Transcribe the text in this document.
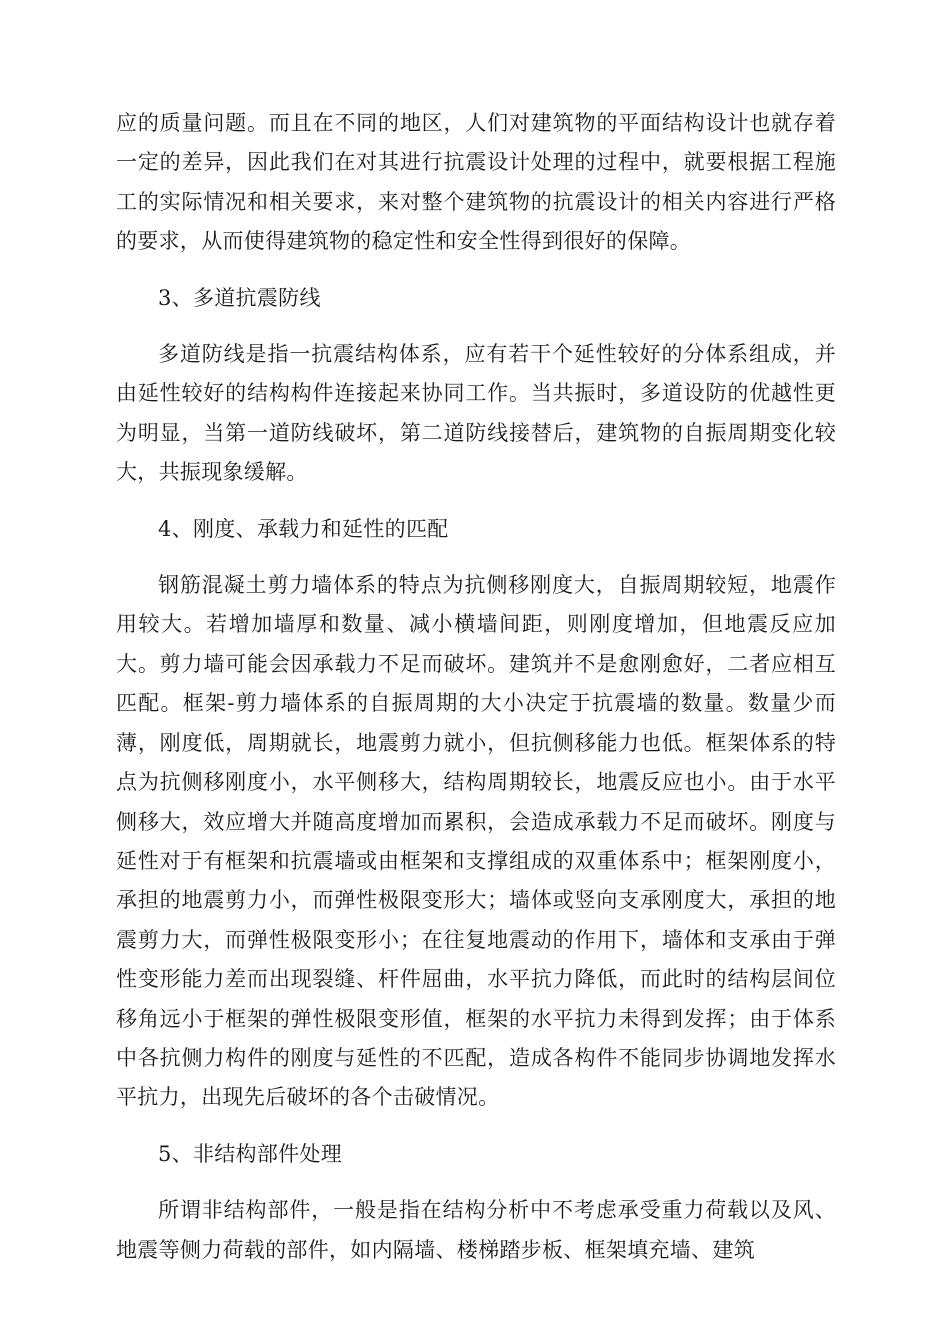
应的质量问题。而且在不同的地区，人们对建筑物的平面结构设计也就存着一定的差异，因此我们在对其进行抗震设计处理的过程中，就要根据工程施工的实际情况和相关要求，来对整个建筑物的抗震设计的相关内容进行严格的要求，从而使得建筑物的稳定性和安全性得到很好的保障。

3、多道抗震防线

多道防线是指一抗震结构体系，应有若干个延性较好的分体系组成，并由延性较好的结构构件连接起来协同工作。当共振时，多道设防的优越性更为明显，当第一道防线破坏，第二道防线接替后，建筑物的自振周期变化较大，共振现象缓解。

4、刚度、承载力和延性的匹配

钢筋混凝土剪力墙体系的特点为抗侧移刚度大，自振周期较短，地震作用较大。若增加墙厚和数量、减小横墙间距，则刚度增加，但地震反应加大。剪力墙可能会因承载力不足而破坏。建筑并不是愈刚愈好，二者应相互匹配。框架-剪力墙体系的自振周期的大小决定于抗震墙的数量。数量少而薄，刚度低，周期就长，地震剪力就小，但抗侧移能力也低。框架体系的特点为抗侧移刚度小，水平侧移大，结构周期较长，地震反应也小。由于水平侧移大，效应增大并随高度增加而累积，会造成承载力不足而破坏。刚度与延性对于有框架和抗震墙或由框架和支撑组成的双重体系中；框架刚度小，承担的地震剪力小，而弹性极限变形大；墙体或竖向支承刚度大，承担的地震剪力大，而弹性极限变形小；在往复地震动的作用下，墙体和支承由于弹性变形能力差而出现裂缝、杆件屈曲，水平抗力降低，而此时的结构层间位移角远小于框架的弹性极限变形值，框架的水平抗力未得到发挥；由于体系中各抗侧力构件的刚度与延性的不匹配，造成各构件不能同步协调地发挥水平抗力，出现先后破坏的各个击破情况。

5、非结构部件处理

所谓非结构部件，一般是指在结构分析中不考虑承受重力荷载以及风、地震等侧力荷载的部件，如内隔墙、楼梯踏步板、框架填充墙、建筑
